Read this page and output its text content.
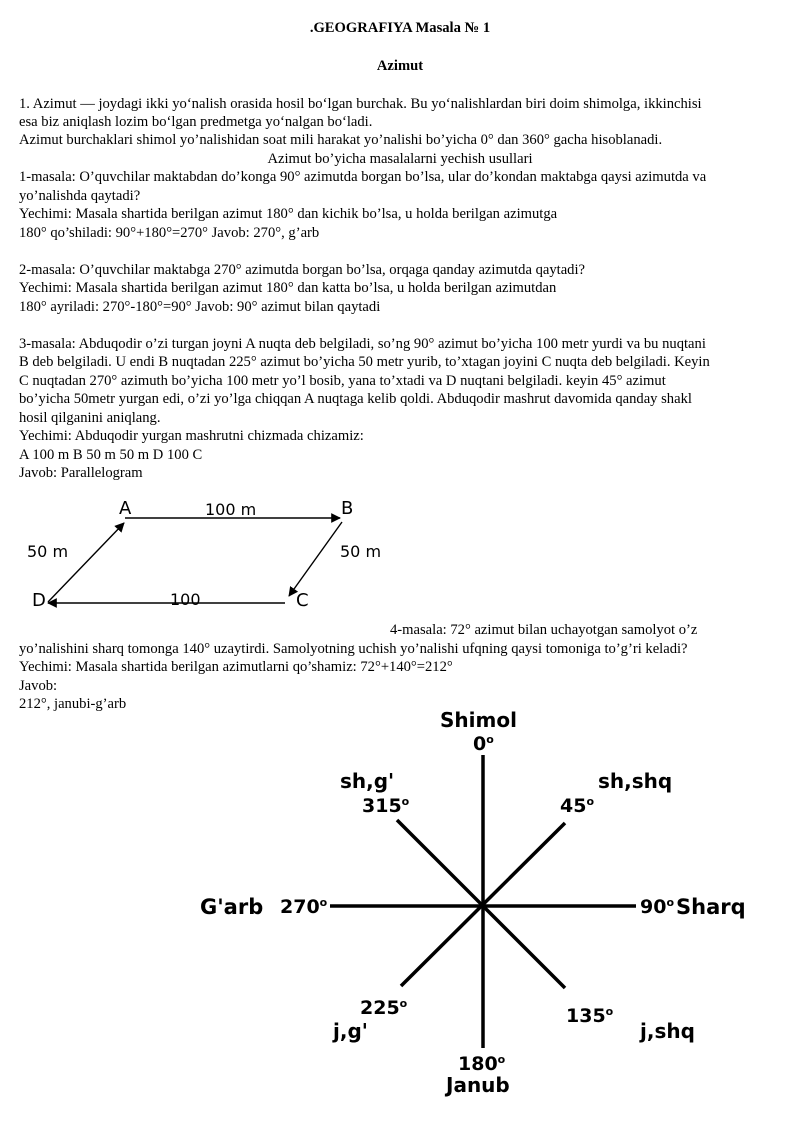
.GEOGRAFIYA Masala № 1
Azimut
1. Azimut — joydagi ikki yo‘nalish orasida hosil bo‘lgan burchak. Bu yo‘nalishlardan biri doim shimolga, ikkinchisi
esa biz aniqlash lozim bo‘lgan predmetga yo‘nalgan bo‘ladi.
Azimut burchaklari shimol yo’nalishidan soat mili harakat yo’nalishi bo’yicha 0° dan 360° gacha hisoblanadi.
Azimut bo’yicha masalalarni yechish usullari
1-masala: O’quvchilar maktabdan do’konga 90° azimutda borgan bo’lsa, ular do’kondan maktabga qaysi azimutda va
yo’nalishda qaytadi?
Yechimi: Masala shartida berilgan azimut 180° dan kichik bo’lsa, u holda berilgan azimutga
180° qo’shiladi: 90°+180°=270° Javob: 270°, g’arb
2-masala: O’quvchilar maktabga 270° azimutda borgan bo’lsa, orqaga qanday azimutda qaytadi?
Yechimi: Masala shartida berilgan azimut 180° dan katta bo’lsa, u holda berilgan azimutdan
180° ayriladi: 270°-180°=90° Javob: 90° azimut bilan qaytadi
3-masala: Abduqodir o’zi turgan joyni A nuqta deb belgiladi, so’ng 90° azimut bo’yicha 100 metr yurdi va bu nuqtani
B deb belgiladi. U endi B nuqtadan 225° azimut bo’yicha 50 metr yurib, to’xtagan joyini C nuqta deb belgiladi. Keyin
C nuqtadan 270° azimuth bo’yicha 100 metr yo’l bosib, yana to’xtadi va D nuqtani belgiladi. keyin 45° azimut
bo’yicha 50metr yurgan edi, o’zi yo’lga chiqqan A nuqtaga kelib qoldi. Abduqodir mashrut davomida qanday shakl
hosil qilganini aniqlang.
Yechimi: Abduqodir yurgan mashrutni chizmada chizamiz:
A 100 m B 50 m 50 m D 100 C
Javob: Parallelogram
A	B
C
D
100 m
50 m
100
50 m
4-masala: 72° azimut bilan uchayotgan samolyot o’z
yo’nalishini sharq tomonga 140° uzaytirdi. Samolyotning uchish yo’nalishi ufqning qaysi tomoniga to’g’ri keladi?
Yechimi: Masala shartida berilgan azimutlarni qo’shamiz: 72°+140°=212°
Javob:
212°, janubi-g’arb
Shimol
0$^o$
sh,g'
315$^o$
sh,shq
45$^o$
G'arb 270$^o$	90$^o$ Sharq
225$^o$
j,g'
135$^o$
j,shq
180$^o$
Janub
